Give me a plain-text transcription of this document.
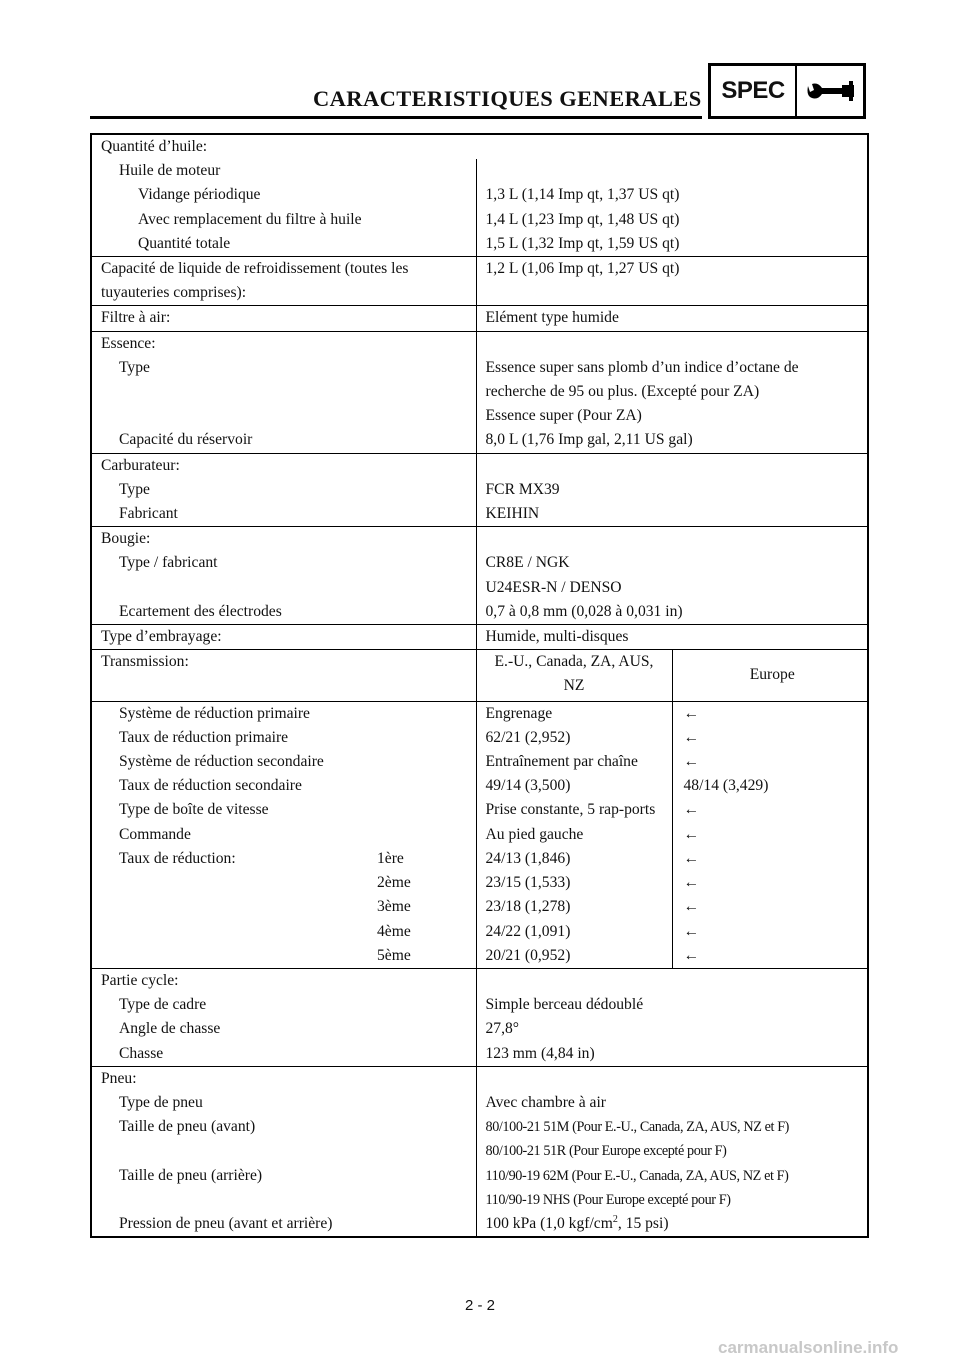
CARACTERISTIQUES GENERALES SPEC
Quantité d’huile:		

Huile de moteur		

Vidange périodique	1,3 L (1,14 Imp qt, 1,37 US qt)	

Avec remplacement du filtre à huile	1,4 L (1,23 Imp qt, 1,48 US qt)	

Quantité totale	1,5 L (1,32 Imp qt, 1,59 US qt)	
Capacité de liquide de refroidissement (toutes les tuyauteries comprises):	1,2 L (1,06 Imp qt, 1,27 US qt)	
Filtre à air:	Elément type humide	
Essence:		

Type	Essence super sans plomb d’un indice d’octane de recherche de 95 ou plus. (Excepté pour ZA)
Essence super (Pour ZA)	

Capacité du réservoir	8,0 L (1,76 Imp gal, 2,11 US gal)	
Carburateur:		

Type	FCR MX39	

Fabricant	KEIHIN	
Bougie:		

Type / fabricant	CR8E / NGK	
	U24ESR-N / DENSO	

Ecartement des électrodes	0,7 à 0,8 mm (0,028 à 0,031 in)	
Type d’embrayage:	Humide, multi-disques	
Transmission:	E.-U., Canada, ZA, AUS, NZ	Europe

Système de réduction primaire	Engrenage	←

Taux de réduction primaire	62/21 (2,952)	←

Système de réduction secondaire	Entraînement par chaîne	←

Taux de réduction secondaire	49/14 (3,500)	48/14 (3,429)

Type de boîte de vitesse	Prise constante, 5 rap-ports	←

Commande	Au pied gauche	←

Taux de réduction: 1ère	24/13 (1,846)	←

2ème	23/15 (1,533)	←

3ème	23/18 (1,278)	←

4ème	24/22 (1,091)	←

5ème	20/21 (0,952)	←
Partie cycle:		

Type de cadre	Simple berceau dédoublé	

Angle de chasse	27,8°	

Chasse	123 mm (4,84 in)	
Pneu:		

Type de pneu	Avec chambre à air	

Taille de pneu (avant)	80/100-21 51M (Pour E.-U., Canada, ZA, AUS, NZ et F)	
	80/100-21 51R (Pour Europe excepté pour F)	

Taille de pneu (arrière)	110/90-19 62M (Pour E.-U., Canada, ZA, AUS, NZ et F)	
	110/90-19 NHS (Pour Europe excepté pour F)	

Pression de pneu (avant et arrière)	100 kPa (1,0 kgf/$cm^2$, 15 psi)	
2 - 2
carmanualsonline.info
